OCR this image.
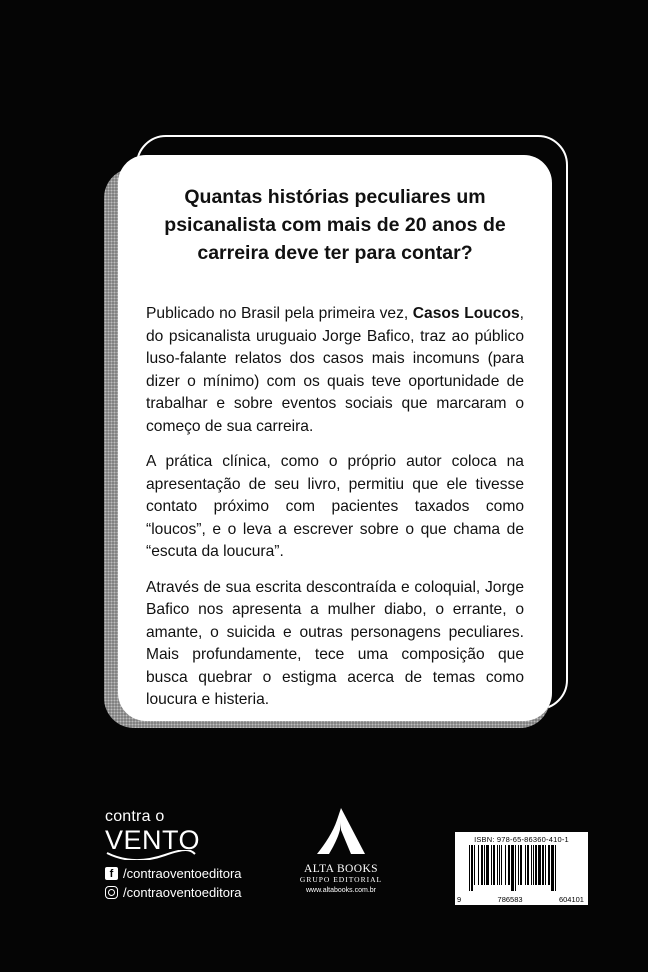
Quantas histórias peculiares um psicanalista com mais de 20 anos de carreira deve ter para contar?

Publicado no Brasil pela primeira vez, Casos Loucos, do psicanalista uruguaio Jorge Bafico, traz ao público luso-falante relatos dos casos mais incomuns (para dizer o mínimo) com os quais teve oportunidade de trabalhar e sobre eventos sociais que marcaram o começo de sua carreira.

A prática clínica, como o próprio autor coloca na apresentação de seu livro, permitiu que ele tivesse contato próximo com pacientes taxados como “loucos”, e o leva a escrever sobre o que chama de “escuta da loucura”.

Através de sua escrita descontraída e coloquial, Jorge Bafico nos apresenta a mulher diabo, o errante, o amante, o suicida e outras personagens peculiares. Mais profundamente, tece uma composição que busca quebrar o estigma acerca de temas como loucura e histeria.

contra o
VENTO
f /contraoventoeditora
/contraoventoeditora
ALTA BOOKS
GRUPO EDITORIAL
www.altabooks.com.br
ISBN: 978-65-86360-410-1
9	786583	604101
